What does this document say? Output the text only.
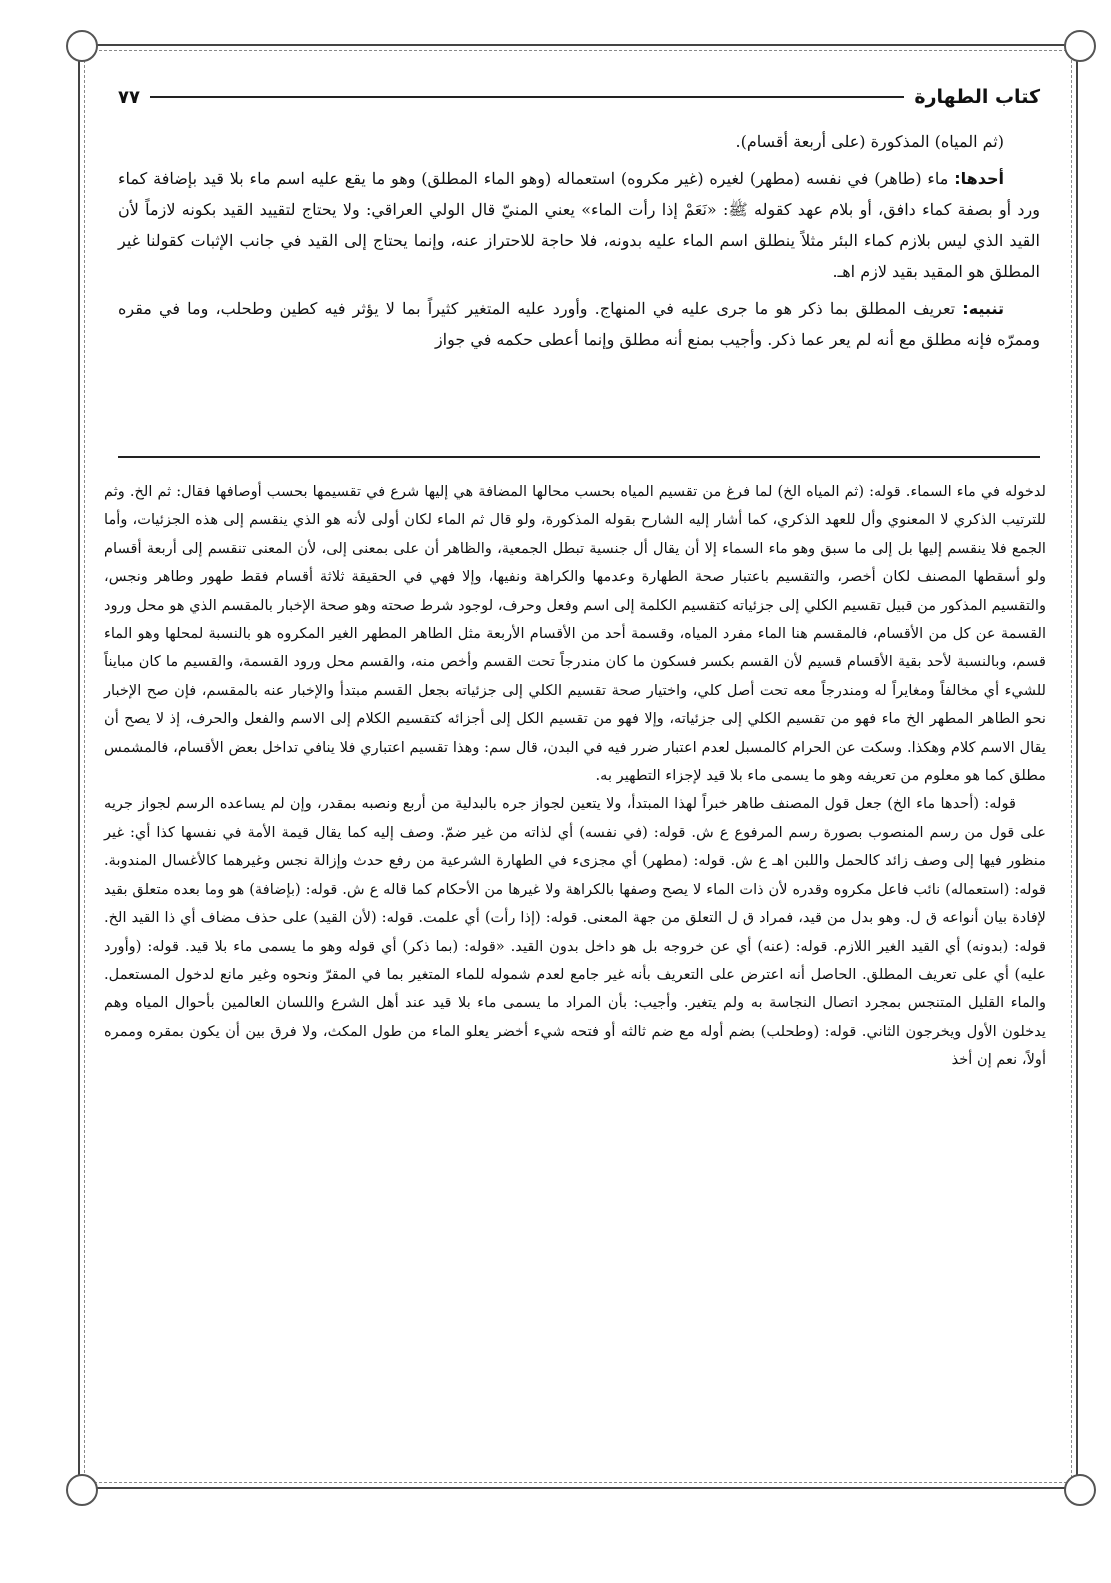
كتاب الطهارة
٧٧

(ثم المياه) المذكورة (على أربعة أقسام).

أحدها: ماء (طاهر) في نفسه (مطهر) لغيره (غير مكروه) استعماله (وهو الماء المطلق) وهو ما يقع عليه اسم ماء بلا قيد بإضافة كماء ورد أو بصفة كماء دافق، أو بلام عهد كقوله ﷺ: «نَعَمْ إذا رأت الماء» يعني المنيّ قال الولي العراقي: ولا يحتاج لتقييد القيد بكونه لازماً لأن القيد الذي ليس بلازم كماء البئر مثلاً ينطلق اسم الماء عليه بدونه، فلا حاجة للاحتراز عنه، وإنما يحتاج إلى القيد في جانب الإثبات كقولنا غير المطلق هو المقيد بقيد لازم اهـ.

تنبيه: تعريف المطلق بما ذكر هو ما جرى عليه في المنهاج. وأورد عليه المتغير كثيراً بما لا يؤثر فيه كطين وطحلب، وما في مقره وممرّه فإنه مطلق مع أنه لم يعر عما ذكر. وأجيب بمنع أنه مطلق وإنما أعطى حكمه في جواز

لدخوله في ماء السماء. قوله: (ثم المياه الخ) لما فرغ من تقسيم المياه بحسب محالها المضافة هي إليها شرع في تقسيمها بحسب أوصافها فقال: ثم الخ. وثم للترتيب الذكري لا المعنوي وأل للعهد الذكري، كما أشار إليه الشارح بقوله المذكورة، ولو قال ثم الماء لكان أولى لأنه هو الذي ينقسم إلى هذه الجزئيات، وأما الجمع فلا ينقسم إليها بل إلى ما سبق وهو ماء السماء إلا أن يقال أل جنسية تبطل الجمعية، والظاهر أن على بمعنى إلى، لأن المعنى تنقسم إلى أربعة أقسام ولو أسقطها المصنف لكان أخصر، والتقسيم باعتبار صحة الطهارة وعدمها والكراهة ونفيها، وإلا فهي في الحقيقة ثلاثة أقسام فقط طهور وطاهر ونجس، والتقسيم المذكور من قبيل تقسيم الكلي إلى جزئياته كتقسيم الكلمة إلى اسم وفعل وحرف، لوجود شرط صحته وهو صحة الإخبار بالمقسم الذي هو محل ورود القسمة عن كل من الأقسام، فالمقسم هنا الماء مفرد المياه، وقسمة أحد من الأقسام الأربعة مثل الطاهر المطهر الغير المكروه هو بالنسبة لمحلها وهو الماء قسم، وبالنسبة لأحد بقية الأقسام قسيم لأن القسم بكسر فسكون ما كان مندرجاً تحت القسم وأخص منه، والقسم محل ورود القسمة، والقسيم ما كان مبايناً للشيء أي مخالفاً ومغايراً له ومندرجاً معه تحت أصل كلي، واختيار صحة تقسيم الكلي إلى جزئياته بجعل القسم مبتدأ والإخبار عنه بالمقسم، فإن صح الإخبار نحو الطاهر المطهر الخ ماء فهو من تقسيم الكلي إلى جزئياته، وإلا فهو من تقسيم الكل إلى أجزائه كتقسيم الكلام إلى الاسم والفعل والحرف، إذ لا يصح أن يقال الاسم كلام وهكذا. وسكت عن الحرام كالمسبل لعدم اعتبار ضرر فيه في البدن، قال سم: وهذا تقسيم اعتباري فلا ينافي تداخل بعض الأقسام، فالمشمس مطلق كما هو معلوم من تعريفه وهو ما يسمى ماء بلا قيد لإجزاء التطهير به.

قوله: (أحدها ماء الخ) جعل قول المصنف طاهر خبراً لهذا المبتدأ، ولا يتعين لجواز جره بالبدلية من أربع ونصبه بمقدر، وإن لم يساعده الرسم لجواز جريه على قول من رسم المنصوب بصورة رسم المرفوع ع ش. قوله: (في نفسه) أي لذاته من غير ضمّ. وصف إليه كما يقال قيمة الأمة في نفسها كذا أي: غير منظور فيها إلى وصف زائد كالحمل واللبن اهـ ع ش. قوله: (مطهر) أي مجزىء في الطهارة الشرعية من رفع حدث وإزالة نجس وغيرهما كالأغسال المندوبة. قوله: (استعماله) نائب فاعل مكروه وقدره لأن ذات الماء لا يصح وصفها بالكراهة ولا غيرها من الأحكام كما قاله ع ش. قوله: (بإضافة) هو وما بعده متعلق بقيد لإفادة بيان أنواعه ق ل. وهو بدل من قيد، فمراد ق ل التعلق من جهة المعنى. قوله: (إذا رأت) أي علمت. قوله: (لأن القيد) على حذف مضاف أي ذا القيد الخ. قوله: (بدونه) أي القيد الغير اللازم. قوله: (عنه) أي عن خروجه بل هو داخل بدون القيد. «قوله: (بما ذكر) أي قوله وهو ما يسمى ماء بلا قيد. قوله: (وأورد عليه) أي على تعريف المطلق. الحاصل أنه اعترض على التعريف بأنه غير جامع لعدم شموله للماء المتغير بما في المقرّ ونحوه وغير مانع لدخول المستعمل. والماء القليل المتنجس بمجرد اتصال النجاسة به ولم يتغير. وأجيب: بأن المراد ما يسمى ماء بلا قيد عند أهل الشرع واللسان العالمين بأحوال المياه وهم يدخلون الأول ويخرجون الثاني. قوله: (وطحلب) بضم أوله مع ضم ثالثه أو فتحه شيء أخضر يعلو الماء من طول المكث، ولا فرق بين أن يكون بمقره وممره أولاً، نعم إن أخذ
